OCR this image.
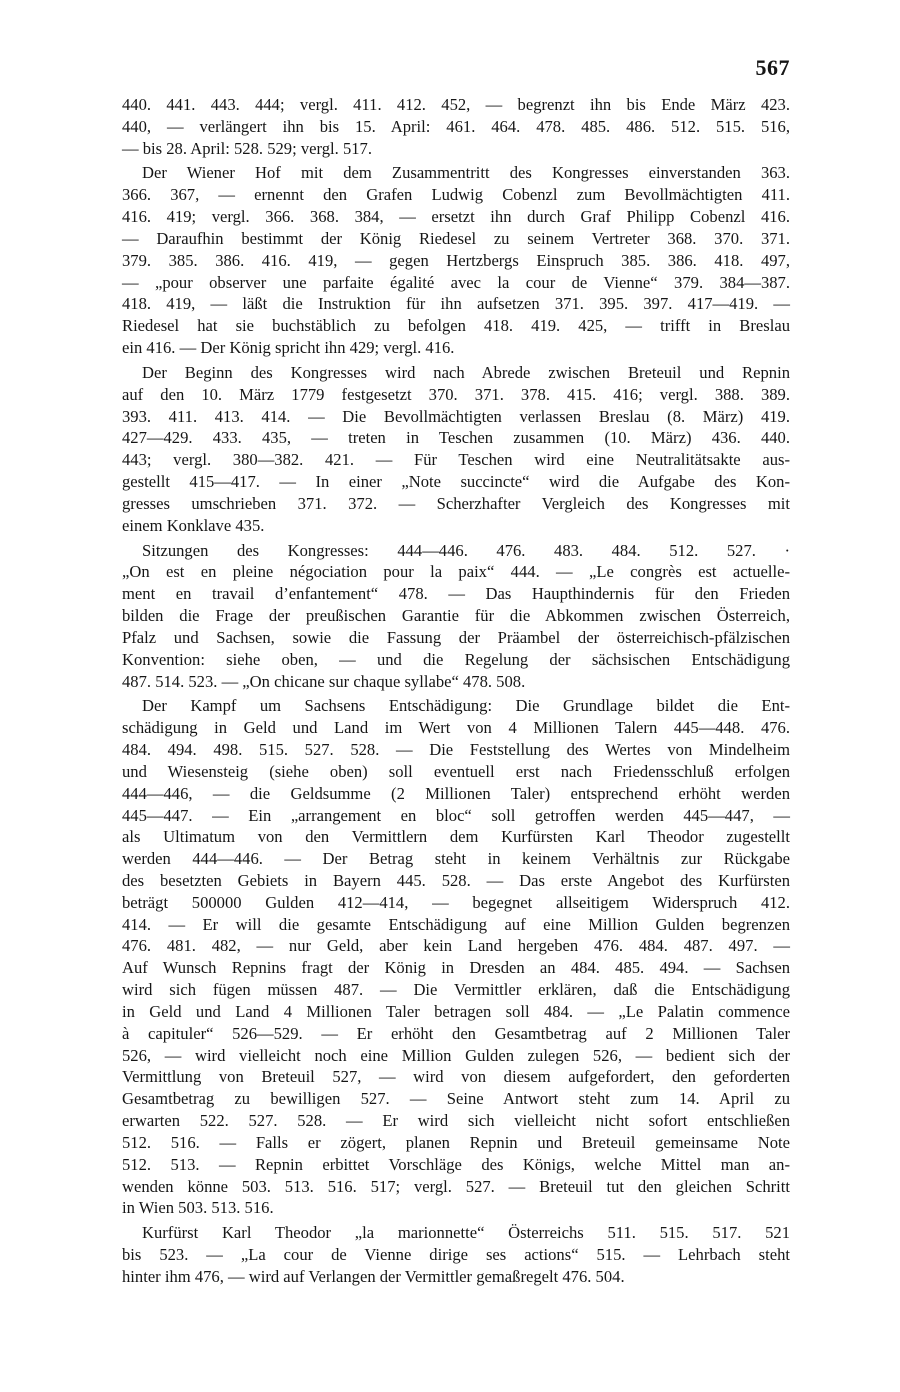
567
440. 441. 443. 444; vergl. 411. 412. 452, — begrenzt ihn bis Ende März 423.
440, — verlängert ihn bis 15. April: 461. 464. 478. 485. 486. 512. 515. 516,
— bis 28. April: 528. 529; vergl. 517.
Der Wiener Hof mit dem Zusammentritt des Kongresses einverstanden 363.
366. 367, — ernennt den Grafen Ludwig Cobenzl zum Bevollmächtigten 411.
416. 419; vergl. 366. 368. 384, — ersetzt ihn durch Graf Philipp Cobenzl 416.
— Daraufhin bestimmt der König Riedesel zu seinem Vertreter 368. 370. 371.
379. 385. 386. 416. 419, — gegen Hertzbergs Einspruch 385. 386. 418. 497,
— „pour observer une parfaite égalité avec la cour de Vienne“ 379. 384—387.
418. 419, — läßt die Instruktion für ihn aufsetzen 371. 395. 397. 417—419. —
Riedesel hat sie buchstäblich zu befolgen 418. 419. 425, — trifft in Breslau
ein 416. — Der König spricht ihn 429; vergl. 416.
Der Beginn des Kongresses wird nach Abrede zwischen Breteuil und Repnin
auf den 10. März 1779 festgesetzt 370. 371. 378. 415. 416; vergl. 388. 389.
393. 411. 413. 414. — Die Bevollmächtigten verlassen Breslau (8. März) 419.
427—429. 433. 435, — treten in Teschen zusammen (10. März) 436. 440.
443; vergl. 380—382. 421. — Für Teschen wird eine Neutralitätsakte aus-
gestellt 415—417. — In einer „Note succincte“ wird die Aufgabe des Kon-
gresses umschrieben 371. 372. — Scherzhafter Vergleich des Kongresses mit
einem Konklave 435.
Sitzungen des Kongresses: 444—446. 476. 483. 484. 512. 527. ·
„On est en pleine négociation pour la paix“ 444. — „Le congrès est actuelle-
ment en travail d’enfantement“ 478. — Das Haupthindernis für den Frieden
bilden die Frage der preußischen Garantie für die Abkommen zwischen Österreich,
Pfalz und Sachsen, sowie die Fassung der Präambel der österreichisch-pfälzischen
Konvention: siehe oben, — und die Regelung der sächsischen Entschädigung
487. 514. 523. — „On chicane sur chaque syllabe“ 478. 508.
Der Kampf um Sachsens Entschädigung: Die Grundlage bildet die Ent-
schädigung in Geld und Land im Wert von 4 Millionen Talern 445—448. 476.
484. 494. 498. 515. 527. 528. — Die Feststellung des Wertes von Mindelheim
und Wiesensteig (siehe oben) soll eventuell erst nach Friedensschluß erfolgen
444—446, — die Geldsumme (2 Millionen Taler) entsprechend erhöht werden
445—447. — Ein „arrangement en bloc“ soll getroffen werden 445—447, —
als Ultimatum von den Vermittlern dem Kurfürsten Karl Theodor zugestellt
werden 444—446. — Der Betrag steht in keinem Verhältnis zur Rückgabe
des besetzten Gebiets in Bayern 445. 528. — Das erste Angebot des Kurfürsten
beträgt 500000 Gulden 412—414, — begegnet allseitigem Widerspruch 412.
414. — Er will die gesamte Entschädigung auf eine Million Gulden begrenzen
476. 481. 482, — nur Geld, aber kein Land hergeben 476. 484. 487. 497. —
Auf Wunsch Repnins fragt der König in Dresden an 484. 485. 494. — Sachsen
wird sich fügen müssen 487. — Die Vermittler erklären, daß die Entschädigung
in Geld und Land 4 Millionen Taler betragen soll 484. — „Le Palatin commence
à capituler“ 526—529. — Er erhöht den Gesamtbetrag auf 2 Millionen Taler
526, — wird vielleicht noch eine Million Gulden zulegen 526, — bedient sich der
Vermittlung von Breteuil 527, — wird von diesem aufgefordert, den geforderten
Gesamtbetrag zu bewilligen 527. — Seine Antwort steht zum 14. April zu
erwarten 522. 527. 528. — Er wird sich vielleicht nicht sofort entschließen
512. 516. — Falls er zögert, planen Repnin und Breteuil gemeinsame Note
512. 513. — Repnin erbittet Vorschläge des Königs, welche Mittel man an-
wenden könne 503. 513. 516. 517; vergl. 527. — Breteuil tut den gleichen Schritt
in Wien 503. 513. 516.
Kurfürst Karl Theodor „la marionnette“ Österreichs 511. 515. 517. 521
bis 523. — „La cour de Vienne dirige ses actions“ 515. — Lehrbach steht
hinter ihm 476, — wird auf Verlangen der Vermittler gemaßregelt 476. 504.
